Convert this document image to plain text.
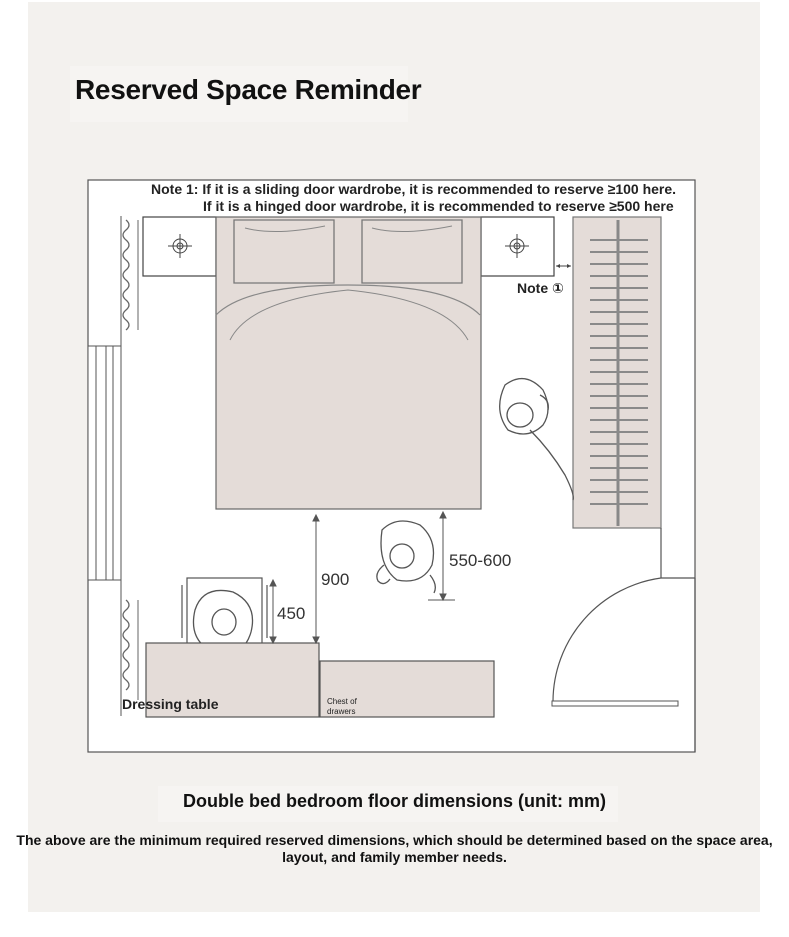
Reserved Space Reminder
Note 1: If it is a sliding door wardrobe, it is recommended to reserve ≥100 here.
If it is a hinged door wardrobe, it is recommended to reserve ≥500 here
Note ①
Dressing table	Chest of drawers
900
450
550-600
Double bed bedroom floor dimensions (unit: mm)
The above are the minimum required reserved dimensions, which should be determined based on the space area, layout, and family member needs.
